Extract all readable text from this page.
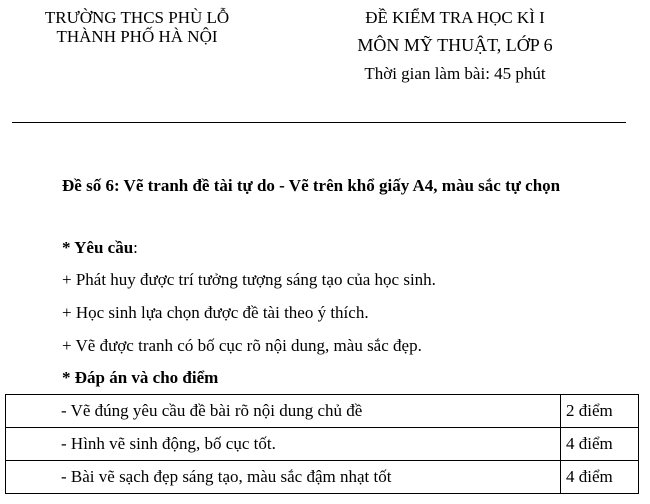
TRƯỜNG THCS PHÙ LỖ
THÀNH PHỐ HÀ NỘI
ĐỀ KIỂM TRA HỌC KÌ I
MÔN MỸ THUẬT, LỚP 6
Thời gian làm bài: 45 phút
Đề số 6: Vẽ tranh đề tài tự do - Vẽ trên khổ giấy A4, màu sắc tự chọn
* Yêu cầu:
+ Phát huy được trí tưởng tượng sáng tạo của học sinh.
+ Học sinh lựa chọn được đề tài theo ý thích.
+ Vẽ được tranh có bố cục rõ nội dung, màu sắc đẹp.
* Đáp án và cho điểm
- Vẽ đúng yêu cầu đề bài rõ nội dung chủ đề	2 điểm
- Hình vẽ sinh động, bố cục tốt.	4 điểm
- Bài vẽ sạch đẹp sáng tạo, màu sắc đậm nhạt tốt	4 điểm
